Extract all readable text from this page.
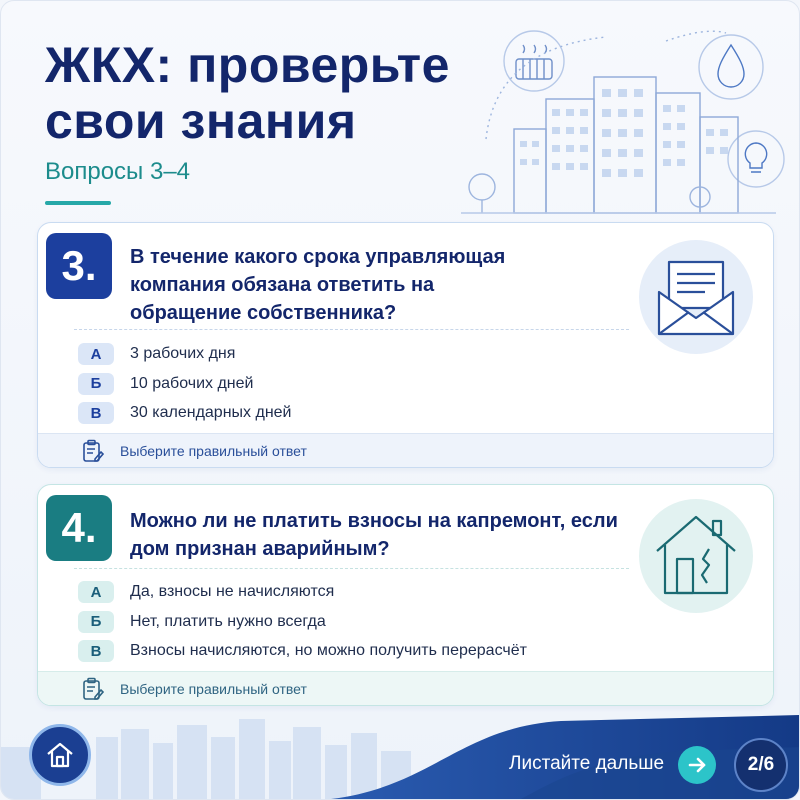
ЖКХ: проверьте свои знания
Вопросы 3–4
3.	В течение какого срока управляющая компания обязана ответить на обращение собственника?
А	3 рабочих дня
Б	10 рабочих дней
В	30 календарных дней
Выберите правильный ответ
4.	Можно ли не платить взносы на капремонт, если дом признан аварийным?
А	Да, взносы не начисляются
Б	Нет, платить нужно всегда
В	Взносы начисляются, но можно получить перерасчёт
Выберите правильный ответ
Листайте дальше	2/6
